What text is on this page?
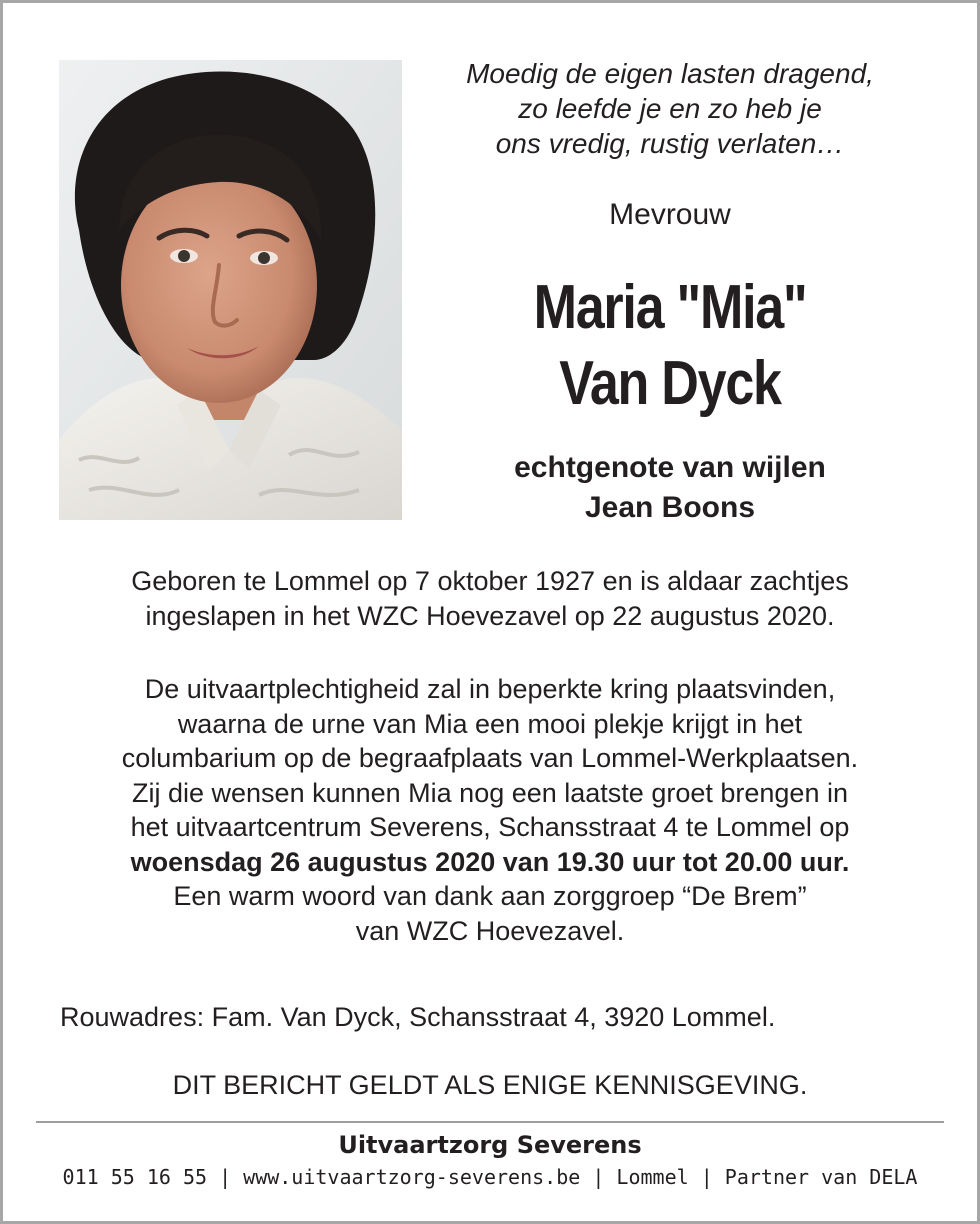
Moedig de eigen lasten dragend,
zo leefde je en zo heb je
ons vredig, rustig verlaten…
Mevrouw
Maria "Mia"
Van Dyck
echtgenote van wijlen
Jean Boons
Geboren te Lommel op 7 oktober 1927 en is aldaar zachtjes
ingeslapen in het WZC Hoevezavel op 22 augustus 2020.
De uitvaartplechtigheid zal in beperkte kring plaatsvinden,
waarna de urne van Mia een mooi plekje krijgt in het
columbarium op de begraafplaats van Lommel-Werkplaatsen.
Zij die wensen kunnen Mia nog een laatste groet brengen in
het uitvaartcentrum Severens, Schansstraat 4 te Lommel op
woensdag 26 augustus 2020 van 19.30 uur tot 20.00 uur.
Een warm woord van dank aan zorggroep “De Brem”
van WZC Hoevezavel.
Rouwadres: Fam. Van Dyck, Schansstraat 4, 3920 Lommel.
DIT BERICHT GELDT ALS ENIGE KENNISGEVING.
Uitvaartzorg Severens
011 55 16 55 | www.uitvaartzorg-severens.be | Lommel | Partner van DELA
